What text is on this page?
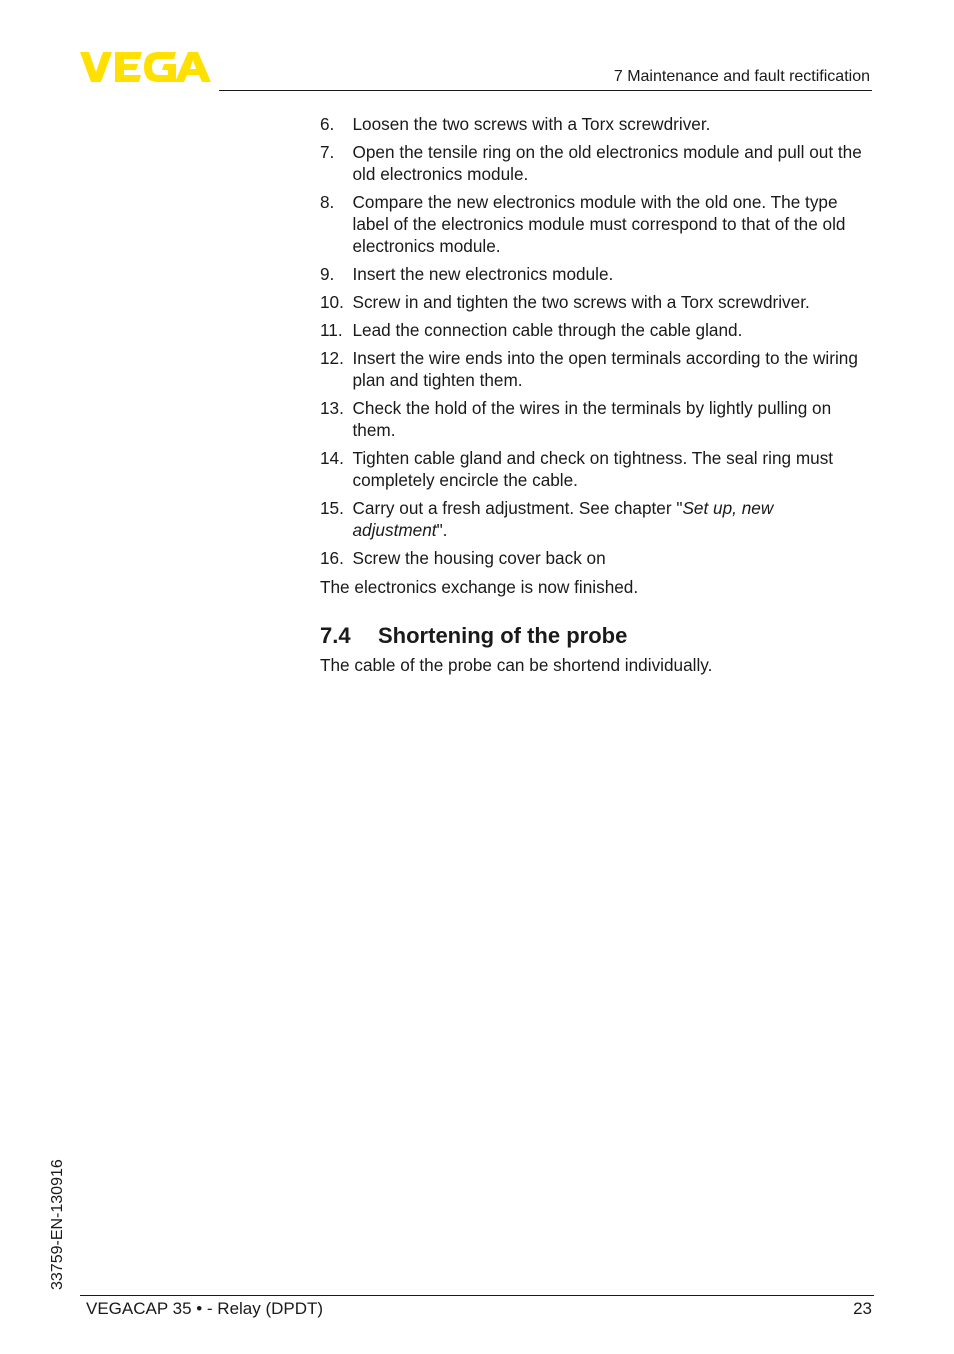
7 Maintenance and fault rectification
6.	Loosen the two screws with a Torx screwdriver.
7.	Open the tensile ring on the old electronics module and pull out the old electronics module.
8.	Compare the new electronics module with the old one. The type label of the electronics module must correspond to that of the old electronics module.
9.	Insert the new electronics module.
10. Screw in and tighten the two screws with a Torx screwdriver.
11. Lead the connection cable through the cable gland.
12. Insert the wire ends into the open terminals according to the wiring plan and tighten them.
13. Check the hold of the wires in the terminals by lightly pulling on them.
14. Tighten cable gland and check on tightness. The seal ring must completely encircle the cable.
15. Carry out a fresh adjustment. See chapter "Set up, new adjustment".
16. Screw the housing cover back on

The electronics exchange is now finished.

7.4 Shortening of the probe

The cable of the probe can be shortend individually.

33759-EN-130916
VEGACAP 35 • - Relay (DPDT)	23
